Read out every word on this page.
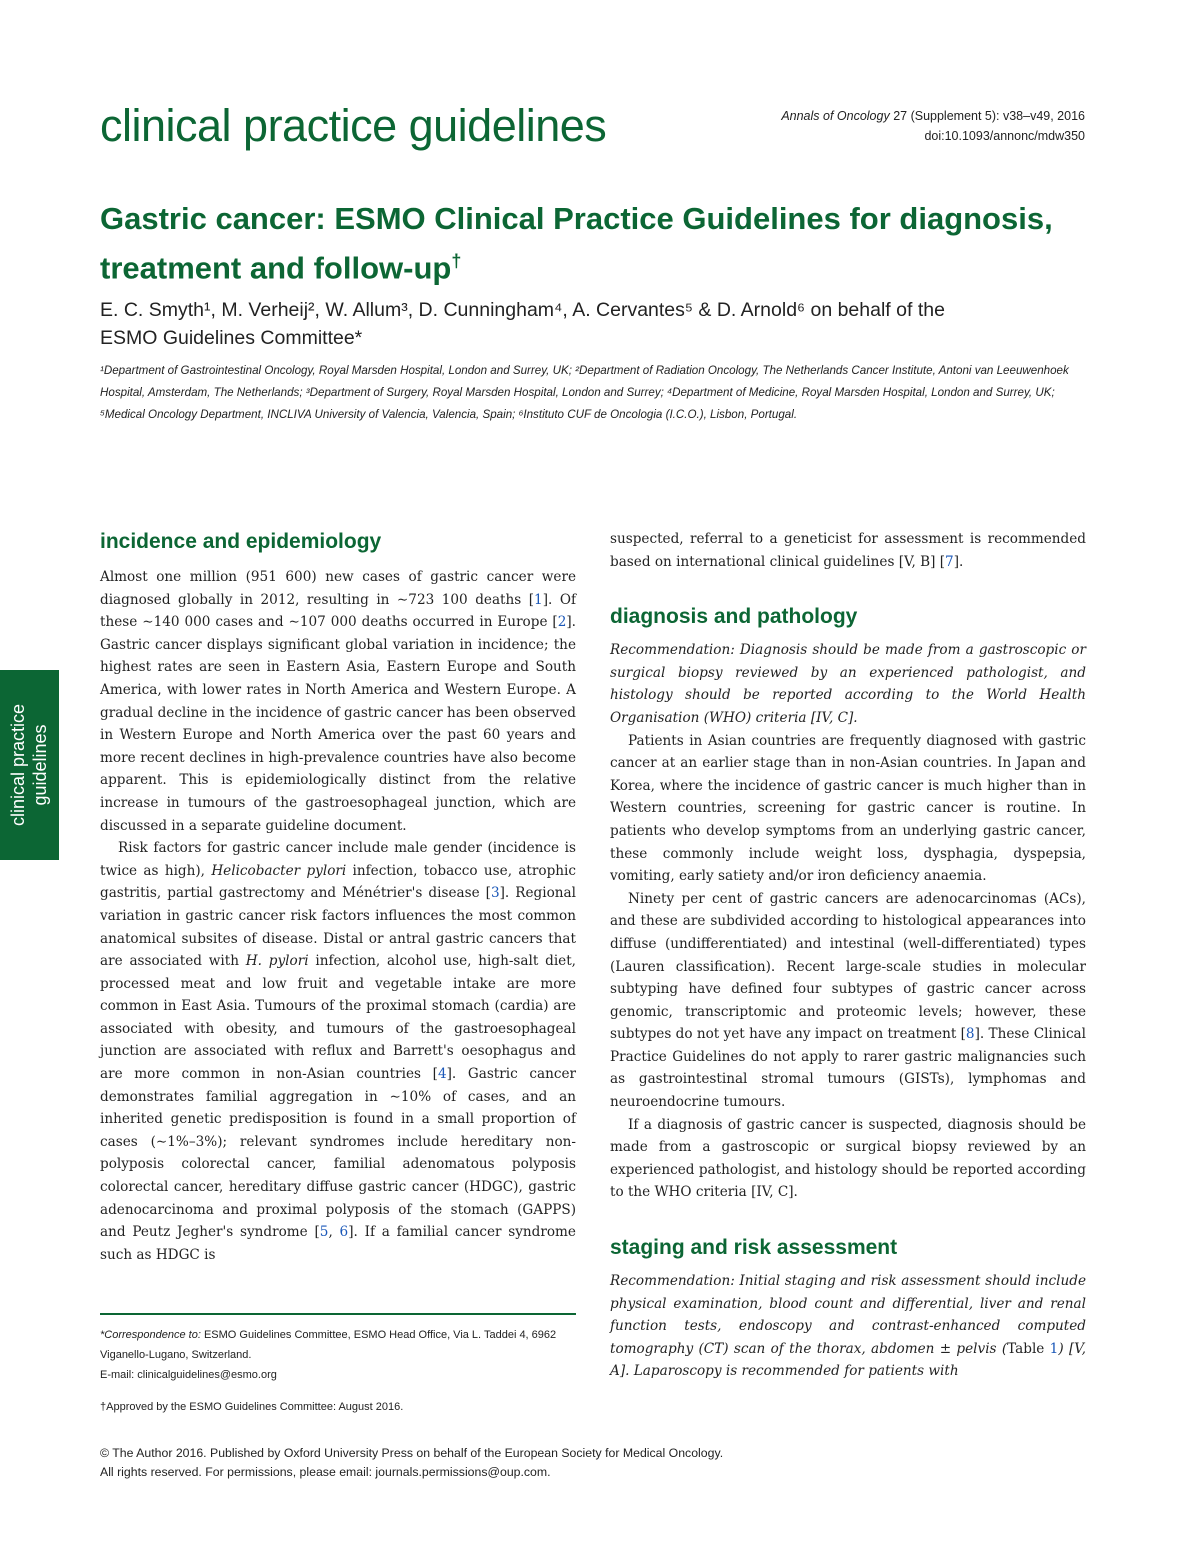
clinical practice guidelines	Annals of Oncology 27 (Supplement 5): v38–v49, 2016
doi:10.1093/annonc/mdw350
Gastric cancer: ESMO Clinical Practice Guidelines for diagnosis, treatment and follow-up†
E. C. Smyth¹, M. Verheij², W. Allum³, D. Cunningham⁴, A. Cervantes⁵ & D. Arnold⁶ on behalf of the
ESMO Guidelines Committee*
¹Department of Gastrointestinal Oncology, Royal Marsden Hospital, London and Surrey, UK; ²Department of Radiation Oncology, The Netherlands Cancer Institute, Antoni van Leeuwenhoek Hospital, Amsterdam, The Netherlands; ³Department of Surgery, Royal Marsden Hospital, London and Surrey; ⁴Department of Medicine, Royal Marsden Hospital, London and Surrey, UK; ⁵Medical Oncology Department, INCLIVA University of Valencia, Valencia, Spain; ⁶Instituto CUF de Oncologia (I.C.O.), Lisbon, Portugal.
clinical practice guidelines
incidence and epidemiology

Almost one million (951 600) new cases of gastric cancer were diagnosed globally in 2012, resulting in ∼723 100 deaths [1]. Of these ∼140 000 cases and ∼107 000 deaths occurred in Europe [2]. Gastric cancer displays significant global variation in incidence; the highest rates are seen in Eastern Asia, Eastern Europe and South America, with lower rates in North America and Western Europe. A gradual decline in the incidence of gastric cancer has been observed in Western Europe and North America over the past 60 years and more recent declines in high-prevalence countries have also become apparent. This is epidemiologically distinct from the relative increase in tumours of the gastroesophageal junction, which are discussed in a separate guideline document.

Risk factors for gastric cancer include male gender (incidence is twice as high), Helicobacter pylori infection, tobacco use, atrophic gastritis, partial gastrectomy and Ménétrier's disease [3]. Regional variation in gastric cancer risk factors influences the most common anatomical subsites of disease. Distal or antral gastric cancers that are associated with H. pylori infection, alcohol use, high-salt diet, processed meat and low fruit and vegetable intake are more common in East Asia. Tumours of the proximal stomach (cardia) are associated with obesity, and tumours of the gastroesophageal junction are associated with reflux and Barrett's oesophagus and are more common in non-Asian countries [4]. Gastric cancer demonstrates familial aggregation in ∼10% of cases, and an inherited genetic predisposition is found in a small proportion of cases (∼1%–3%); relevant syndromes include hereditary non-polyposis colorectal cancer, familial adenomatous polyposis colorectal cancer, hereditary diffuse gastric cancer (HDGC), gastric adenocarcinoma and proximal polyposis of the stomach (GAPPS) and Peutz Jegher's syndrome [5, 6]. If a familial cancer syndrome such as HDGC is

*Correspondence to: ESMO Guidelines Committee, ESMO Head Office, Via L. Taddei 4, 6962 Viganello-Lugano, Switzerland.
E-mail: clinicalguidelines@esmo.org
†Approved by the ESMO Guidelines Committee: August 2016.

suspected, referral to a geneticist for assessment is recommended based on international clinical guidelines [V, B] [7].

diagnosis and pathology

Recommendation: Diagnosis should be made from a gastroscopic or surgical biopsy reviewed by an experienced pathologist, and histology should be reported according to the World Health Organisation (WHO) criteria [IV, C].

Patients in Asian countries are frequently diagnosed with gastric cancer at an earlier stage than in non-Asian countries. In Japan and Korea, where the incidence of gastric cancer is much higher than in Western countries, screening for gastric cancer is routine. In patients who develop symptoms from an underlying gastric cancer, these commonly include weight loss, dysphagia, dyspepsia, vomiting, early satiety and/or iron deficiency anaemia.

Ninety per cent of gastric cancers are adenocarcinomas (ACs), and these are subdivided according to histological appearances into diffuse (undifferentiated) and intestinal (well-differentiated) types (Lauren classification). Recent large-scale studies in molecular subtyping have defined four subtypes of gastric cancer across genomic, transcriptomic and proteomic levels; however, these subtypes do not yet have any impact on treatment [8]. These Clinical Practice Guidelines do not apply to rarer gastric malignancies such as gastrointestinal stromal tumours (GISTs), lymphomas and neuroendocrine tumours.

If a diagnosis of gastric cancer is suspected, diagnosis should be made from a gastroscopic or surgical biopsy reviewed by an experienced pathologist, and histology should be reported according to the WHO criteria [IV, C].

staging and risk assessment

Recommendation: Initial staging and risk assessment should include physical examination, blood count and differential, liver and renal function tests, endoscopy and contrast-enhanced computed tomography (CT) scan of the thorax, abdomen ± pelvis (Table 1) [V, A]. Laparoscopy is recommended for patients with

© The Author 2016. Published by Oxford University Press on behalf of the European Society for Medical Oncology.
All rights reserved. For permissions, please email: journals.permissions@oup.com.
